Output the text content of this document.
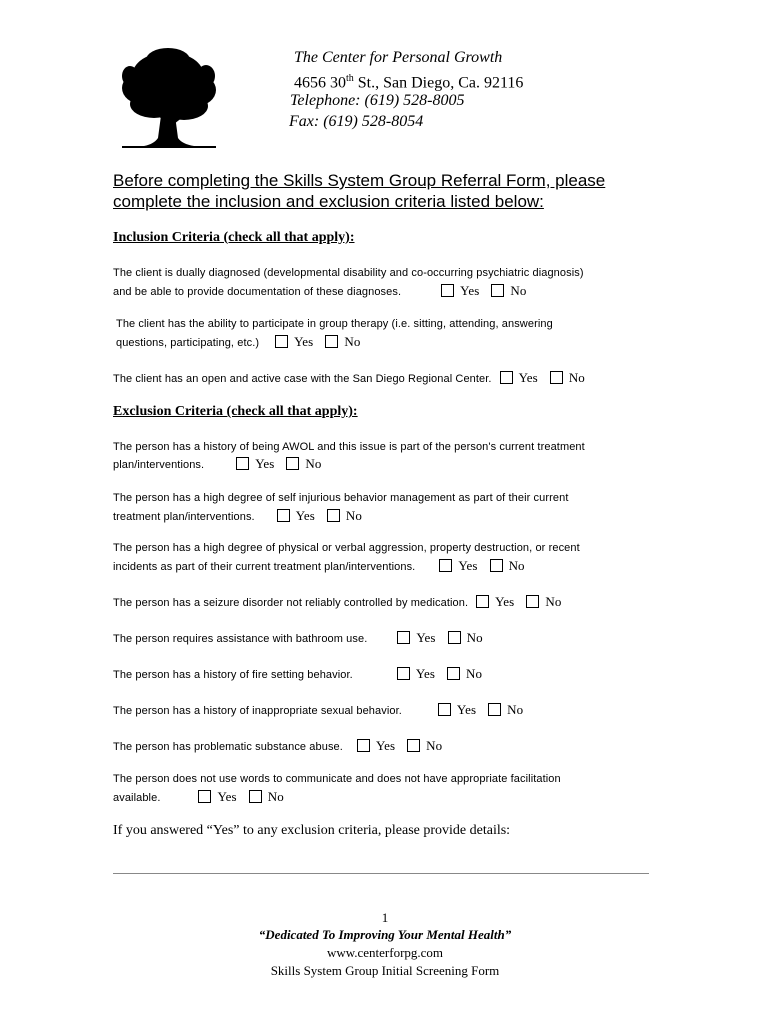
The Center for Personal Growth
4656 30th St., San Diego, Ca. 92116
Telephone: (619) 528-8005
Fax: (619) 528-8054
Before completing the Skills System Group Referral Form, please
complete the inclusion and exclusion criteria listed below:
Inclusion Criteria (check all that apply):
The client is dually diagnosed (developmental disability and co-occurring psychiatric diagnosis)
and be able to provide documentation of these diagnoses.	Yes No
The client has the ability to participate in group therapy (i.e. sitting, attending, answering
questions, participating, etc.)	Yes No
The client has an open and active case with the San Diego Regional Center. Yes No
Exclusion Criteria (check all that apply):
The person has a history of being AWOL and this issue is part of the person's current treatment
plan/interventions.	Yes No
The person has a high degree of self injurious behavior management as part of their current
treatment plan/interventions.	Yes No
The person has a high degree of physical or verbal aggression, property destruction, or recent
incidents as part of their current treatment plan/interventions.	Yes No
The person has a seizure disorder not reliably controlled by medication. Yes No
The person requires assistance with bathroom use.	Yes No
The person has a history of fire setting behavior.	Yes No
The person has a history of inappropriate sexual behavior.	Yes No
The person has problematic substance abuse.	Yes No
The person does not use words to communicate and does not have appropriate facilitation
available.	Yes No
If you answered “Yes” to any exclusion criteria, please provide details:
1
“Dedicated To Improving Your Mental Health”
www.centerforpg.com
Skills System Group Initial Screening Form
